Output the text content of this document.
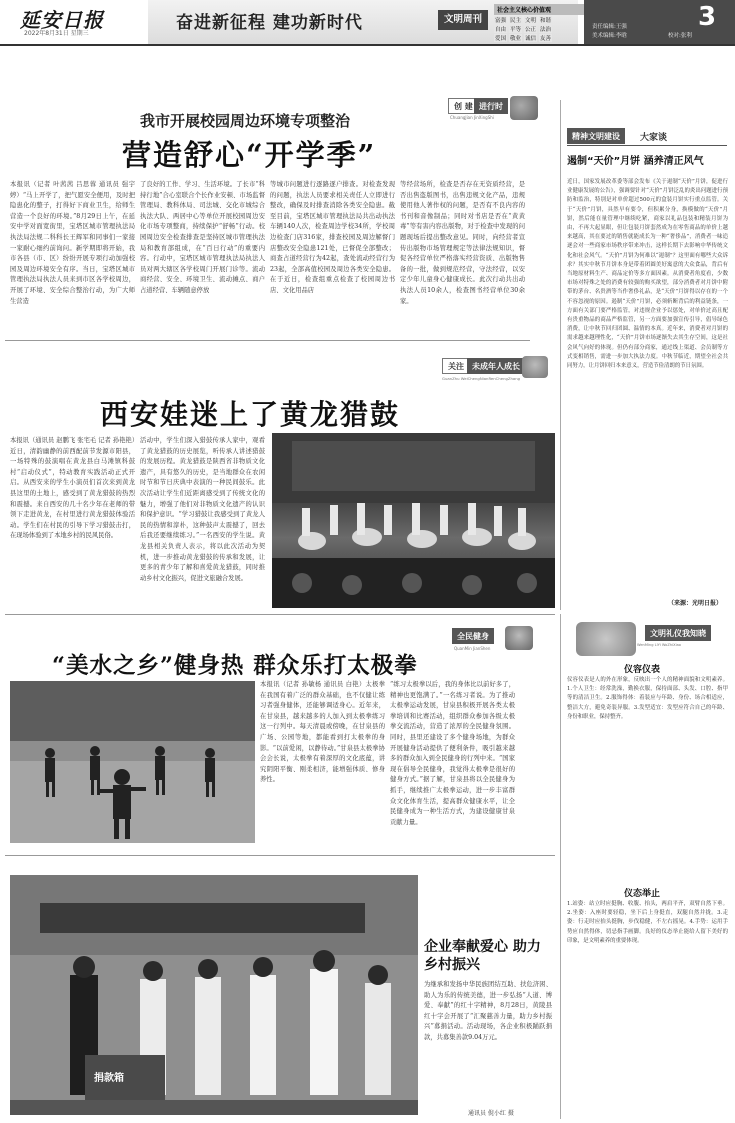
延安日报
2022年8月31日 星期三
奋进新征程 建功新时代	文明周刊
社会主义核心价值观
富强 民主 文明 和谐
自由 平等 公正 法治
爱国 敬业 诚信 友善
3
责任编辑:王强
美术编辑:李晗	校对:张利
创 建 进行时
ChuangJian JinXingShi
我市开展校园周边环境专项整治
营造舒心“开学季”
本报讯（记者 叶茜茜 吕思蓉 通讯员 强宇婷）“马上开学了，把气愿安全便用，及时把隐患化的整子，打得好下商业卫生，给师生营造一个良好的环境。”8月29日上午，在延安中学对面宽街里，宝塔区城市管理执法局执法局法规二科科长王辉军和同事们一家接一家耐心细约前询问。新学期即将开始，我市各县（市、区）纷纷开展专项行动加强校园及周边环境安全有序。当日，宝塔区城市管理执法局执法人员来到市区各学校周边，开展了环境、安全综合整治行动，为广大师生营造
了良好的工作、学习、生活环境。了长市“科持行地”合心室联合个长作业安顿、市场监督管理局、教科体局、司法城、交化市城综合执法大队、两居中心等单位开展校园周边安化市场专项整商，持续保护“舒畅”行动。校园周边安全检查排查是坚持区城市管理执法局和教育部组成，在“百日行动”的重要内容。行动中，宝塔区城市管理执法局执法人员对两大辖区各学校周门开展门诊等。流动商经营、安全、环境卫生、流动摊点、商户占道经营、车辆随意停放
等城市问题进行逐路逐户排查。对检查发现的问题，执法人员要求相关责任人立即进行整改，确保及时排查消除各类安全隐患。截至目前，宝塔区城市管理执法局共出动执法车辆140人次，检查周边学校34所，学校周边检查门店316家，排查校园及周边解督门店整改安全隐患121处，已督促全部整改；商查占道经营行为42起，查处流动经营行为23起，全部高值校园及周边各类安全隐患。在于近日，检查组重点检查了校园周边书店、文化用品店
等经营场所，检查是否存在无资质经营，是否出售盗版图书，出售违规文化产品，违规使用他人著作权的问题，是否有不良内容的书刊和音像制品；同时对书店是否在“黄黄毒”等有害内容出版物，对于检查中发现的问题现场后提出整改意见。同时，向经营者宣传出版物市场管理规定等法律法规知识，督促各经营单位严格落实经营资质、出版物售备的一批，做到规范经营，守法经营，以安定少年儿童身心健康成长。此次行动共出动执法人员10余人，检查图书经营单位30余家。
精神文明建设	大家谈
遏制“天价”月饼 涵养清正风气
近日，国家发展改革委等部会发布《关于遏制“天价”月饼，促进行业健康发展的公告》，强调要针对“天价”月饼泛乱的炎出问题进行预防和监治，特别是对单价超过500元的盒装月饼实行重点监管。关于“天价”月饼，具然早有要令，但积累分身，换模做的“天价”月饼，然后能在量管理中继续吃紧，商家以礼品包装和精装月饼为由，不再大起显眼，但让包装月饼套然成为在零售商品的单价上越来越高，其在要过的销售就能成长为一种“奢侈品”，消费者一味追逐会对一些商家市场秩序带来冲击，这样长期下去影响中华传统文化和社会风气。“天价”月饼为何难以“遏制”？这里面有哪些大众诉求？其实中秋节月饼本身是带着团圆美好寓意的大众食品，背后有当地原材料生产、商品定价等多方面因素。从消费者角度看，少数市场对特殊之处的消费有较强的购买欲望，部分消费者对月饼中附带的茅台、名贵酒等当作奢侈礼品，是“天价”月饼得以存在的一个不容忽视的原因。遏制“天价”月饼，必须斩断背后的利益链条，一方面有关部门要严格监管，对违规企业予以惩处，对单价过高且配有贵重物品的商品严格监管，另一方面要加强宣传引导，倡导绿色消费，让中秋节回归团圆、温情的本真。近年来，消费者对月饼的需求越来越理性化，“天价”月饼市场逐渐失去其生存空间，这是社会风气向好的体现。但仍有部分商家，通过线上渠道、会员制等方式变相销售，需进一步加大执法力度。中秋节临近，期望全社会共同努力，让月饼回归本来意义，营造节俭清朗的节日氛围。
（来源：光明日报）
关注	未成年人成长
GuanZhu WeiChengNianRenChengZhang
西安娃迷上了黄龙猎鼓
本报讯（通讯员 赵鹏飞 张宅毛 记者 孙艳艳）近日，清韵幽静的前西配前节发源市阳县，一场特殊的鼓演唱在黄龙县白马滩镇科鼓村“启动仪式”，特动教育实践活动正式开启。从西安来的学生小演员们首次来到黄龙县这里的土地上，感受到了黄龙猎鼓的热烈和震撼。来自西安的几十名少年在老师的带领下走进黄龙，在村里进行黄龙猎鼓体验活动。学生们在村民的引导下学习猎鼓击打，在现场体验到了本地乡村的民风民俗。
活动中，学生们深入猎鼓传承人家中，观看了黄龙猎鼓的历史展览，听传承人讲述猎鼓的发展历程。黄龙猎鼓是陕西省非物质文化遗产，具有悠久的历史，是当地群众在农闲时节和节日庆典中表演的一种民间鼓乐。此次活动让学生们近距离感受到了传统文化的魅力，增强了他们对非物质文化遗产的认识和保护意识。“学习猎鼓让我感受到了黄龙人民的热情和淳朴，这种鼓声太震撼了，回去后我还要继续练习。”一名西安的学生说。黄龙县相关负责人表示，将以此次活动为契机，进一步推动黄龙猎鼓的传承和发展，让更多的青少年了解和喜爱黄龙猎鼓，同时推动乡村文化振兴，促进文旅融合发展。
全民健身
QuanMin JianShen
“美水之乡”健身热 群众乐打太极拳
本报讯（记者 孙敏杨 通讯员 白艳）太极拳在我国有着广泛的群众基础，也不仅健让练习者强身健体，还能够调适身心。近年来，在甘泉县，越来越多的人加入到太极拳练习这一行列中。每天清晨或傍晚，在甘泉县的广场、公园等地，都能看到打太极拳的身影。“以前爱闲，以静待动。”甘泉县太极拳协会会长说，太极拳有着深厚的文化底蕴，讲究阴阳平衡、刚柔相济，能增强体质、修身养性。
“练习太极拳以后，我的身体比以前好多了，精神也更饱满了。”一名练习者说。为了推动太极拳运动发展，甘泉县积极开展各类太极拳培训和比赛活动，组织群众参加各级太极拳交流活动，营造了浓厚的全民健身氛围。同时，县里还建设了多个健身场地，为群众开展健身活动提供了便利条件，吸引越来越多的群众加入到全民健身的行列中来。“国家现在倡导全民健身，我觉得太极拳是很好的健身方式。”据了解，甘泉县将以全民健身为抓手，继续推广太极拳运动，进一步丰富群众文化体育生活，提高群众健康水平，让全民健身成为一种生活方式，为建设健康甘泉贡献力量。
捐款箱
企业奉献爱心 助力乡村振兴
为继承和发扬中华民族团结互助、扶危济困、助人为乐的传统美德，进一步弘扬“人道、博爱、奉献”的红十字精神，8月28日，黄陵县红十字会开展了“汇聚慈善力量，助力乡村振兴”募捐活动。活动现场，各企业积极踊跃捐款，共募集善款9.04万元。
通讯员 倪小红 摄
文明礼仪我知晓
WenMing LiYi WoZhiXiao
仪容仪表
仪容仪表是人的外在形象，反映出一个人的精神面貌和文明素养。1.个人卫生：经常洗澡，勤换衣服，保持面部、头发、口腔、指甲等的清洁卫生。2.服饰得体：着装应与年龄、身份、场合相适应，整洁大方，避免奇装异服。3.发型适宜：发型应符合自己的年龄、身份和职业，保持整齐。
仪态举止
1.站姿：站立时应挺胸、收腹、抬头，两肩平齐，双臂自然下垂。2.坐姿：入座时要轻稳，坐下后上身挺直，双腿自然并拢。3.走姿：行走时应抬头挺胸，步伐稳健，不左右摇晃。4.手势：运用手势应自然得体，切忌指手画脚。良好的仪态举止能给人留下美好的印象，是文明素养的重要体现。
